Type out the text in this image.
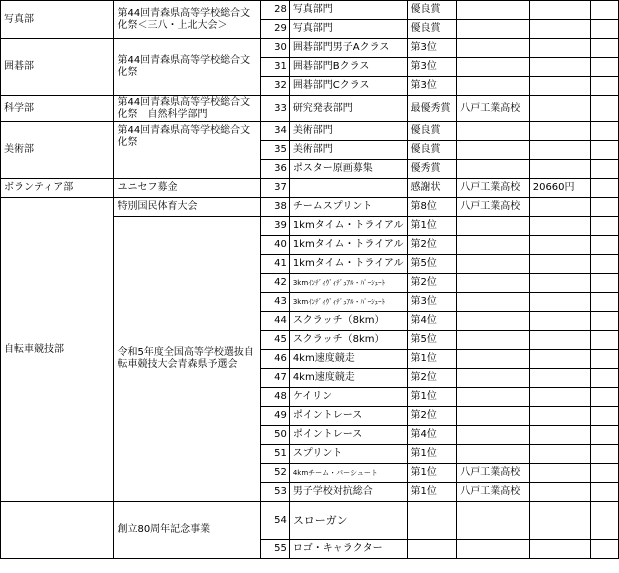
写真部	第44回青森県高等学校総合文化祭＜三八・上北大会＞	28	写真部門	優良賞			
		29	写真部門	優良賞			
囲碁部	第44回青森県高等学校総合文化祭	30	囲碁部門男子Aクラス	第3位			
		31	囲碁部門Bクラス	第3位			
		32	囲碁部門Cクラス	第3位			
科学部	第44回青森県高等学校総合文化祭　自然科学部門	33	研究発表部門	最優秀賞	八戸工業高校		
美術部	第44回青森県高等学校総合文化祭	34	美術部門	優良賞			
		35	美術部門	優良賞			
		36	ポスター原画募集	優秀賞			
ボランティア部	ユニセフ募金	37		感謝状	八戸工業高校	20660円	
自転車競技部	特別国民体育大会	38	チームスプリント	第8位	八戸工業高校		
	令和5年度全国高等学校選抜自転車競技大会青森県予選会	39	1kmタイム・トライアル	第1位			
		40	1kmタイム・トライアル	第2位			
		41	1kmタイム・トライアル	第5位			
		42	3kmｲﾝﾃﾞｨｳﾞｨﾃﾞｭｱﾙ・ﾊﾟｰｼｭｰﾄ	第2位			
		43	3kmｲﾝﾃﾞｨｳﾞｨﾃﾞｭｱﾙ・ﾊﾟｰｼｭｰﾄ	第3位			
		44	スクラッチ（8km）	第4位			
		45	スクラッチ（8km）	第5位			
		46	4km速度競走	第1位			
		47	4km速度競走	第2位			
		48	ケイリン	第1位			
		49	ポイントレース	第2位			
		50	ポイントレース	第4位			
		51	スプリント	第1位			
		52	4kmチーム・パーシュート	第1位	八戸工業高校		
		53	男子学校対抗総合	第1位	八戸工業高校		
	創立80周年記念事業	54	スローガン				
		55	ロゴ・キャラクター				
